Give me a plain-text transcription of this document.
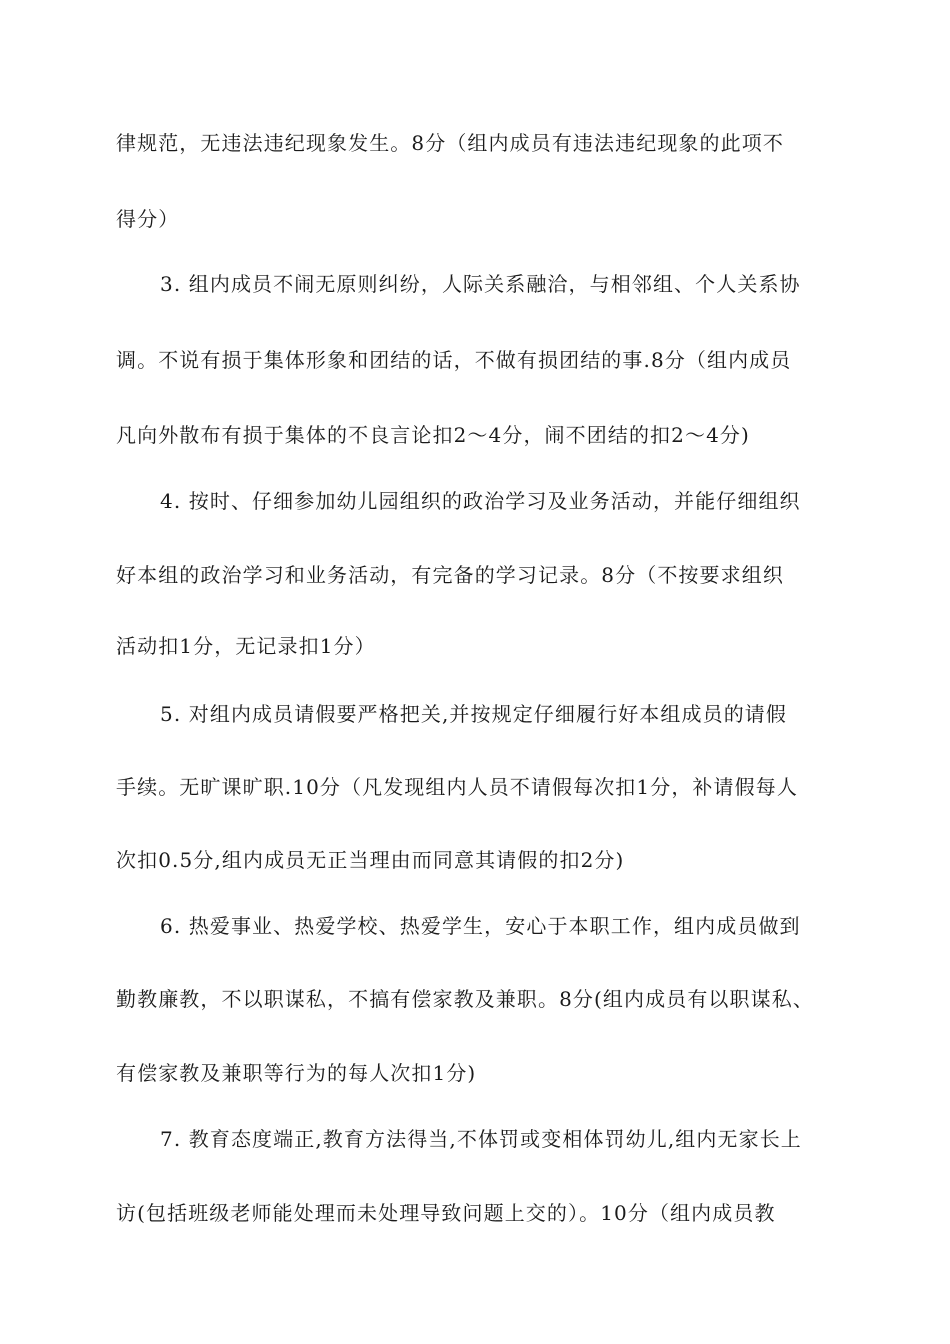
律规范，无违法违纪现象发生。8分（组内成员有违法违纪现象的此项不
得分）
3. 组内成员不闹无原则纠纷，人际关系融洽，与相邻组、个人关系协
调。不说有损于集体形象和团结的话，不做有损团结的事.8分（组内成员
凡向外散布有损于集体的不良言论扣2～4分，闹不团结的扣2～4分)
4. 按时、仔细参加幼儿园组织的政治学习及业务活动，并能仔细组织
好本组的政治学习和业务活动，有完备的学习记录。8分（不按要求组织
活动扣1分，无记录扣1分）
5. 对组内成员请假要严格把关,并按规定仔细履行好本组成员的请假
手续。无旷课旷职.10分（凡发现组内人员不请假每次扣1分，补请假每人
次扣0.5分,组内成员无正当理由而同意其请假的扣2分)
6. 热爱事业、热爱学校、热爱学生，安心于本职工作，组内成员做到
勤教廉教，不以职谋私，不搞有偿家教及兼职。8分(组内成员有以职谋私、
有偿家教及兼职等行为的每人次扣1分)
7. 教育态度端正,教育方法得当,不体罚或变相体罚幼儿,组内无家长上
访(包括班级老师能处理而未处理导致问题上交的）。10分（组内成员教
